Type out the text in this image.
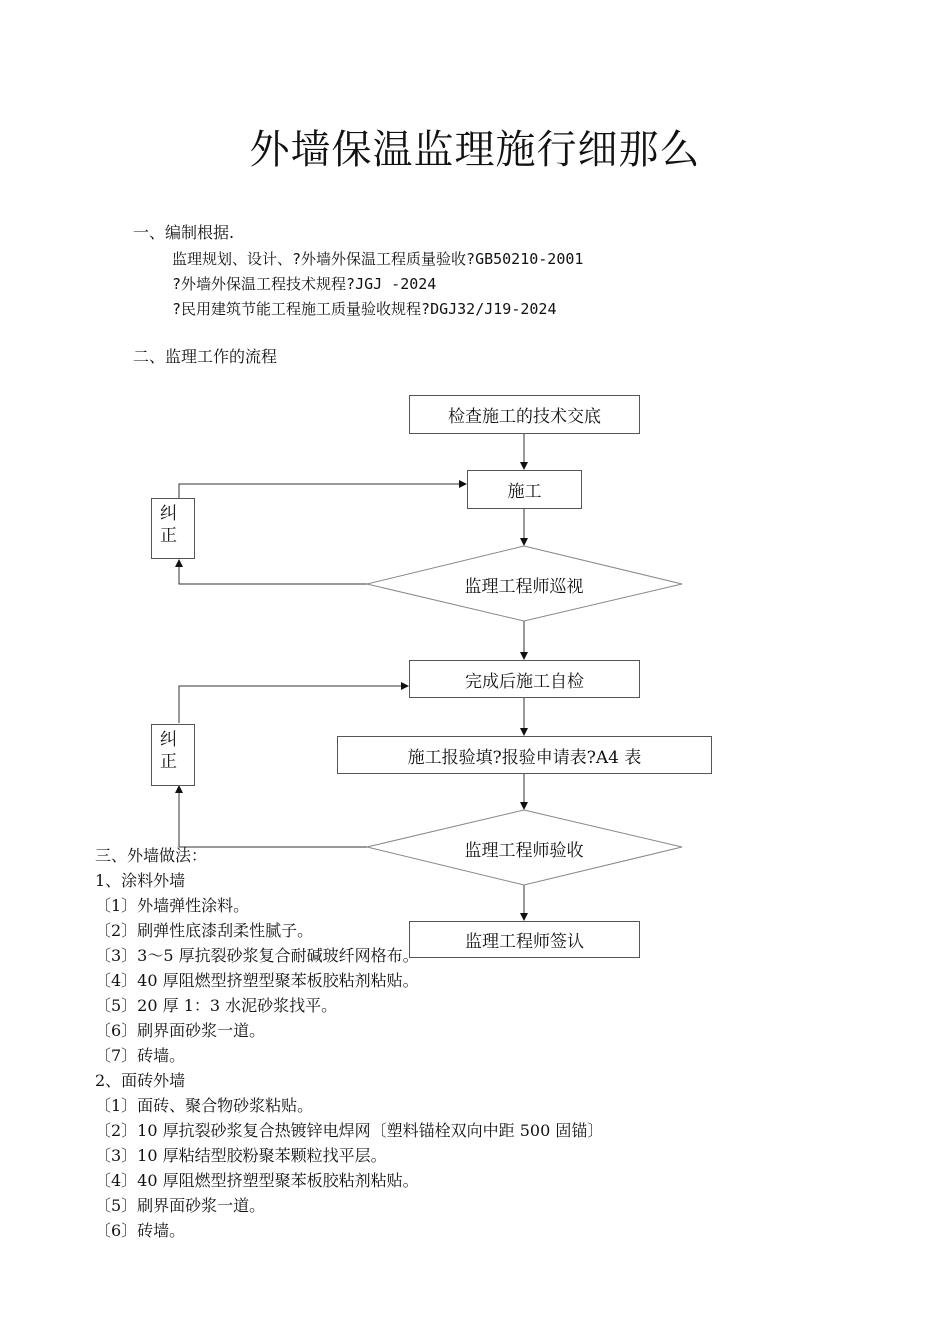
外墙保温监理施行细那么
一、编制根据.
监理规划、设计、?外墙外保温工程质量验收?GB50210-2001
?外墙外保温工程技术规程?JGJ -2024
?民用建筑节能工程施工质量验收规程?DGJ32/J19-2024
二、监理工作的流程
检查施工的技术交底
施工
监理工程师巡视
完成后施工自检
施工报验填?报验申请表?A4 表
监理工程师验收
纠
正
纠
正
监理工程师签认
三、外墙做法：
1、涂料外墙
〔1〕外墙弹性涂料。
〔2〕刷弹性底漆刮柔性腻子。
〔3〕3～5 厚抗裂砂浆复合耐碱玻纤网格布。
〔4〕40 厚阻燃型挤塑型聚苯板胶粘剂粘贴。
〔5〕20 厚 1：3 水泥砂浆找平。
〔6〕刷界面砂浆一道。
〔7〕砖墙。
2、面砖外墙
〔1〕面砖、聚合物砂浆粘贴。
〔2〕10 厚抗裂砂浆复合热镀锌电焊网〔塑料锚栓双向中距 500 固锚〕
〔3〕10 厚粘结型胶粉聚苯颗粒找平层。
〔4〕40 厚阻燃型挤塑型聚苯板胶粘剂粘贴。
〔5〕刷界面砂浆一道。
〔6〕砖墙。
